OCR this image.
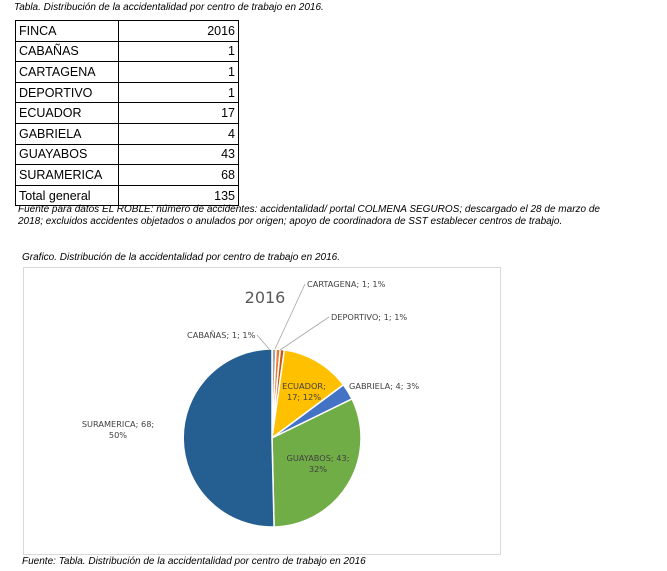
Tabla. Distribución de la accidentalidad por centro de trabajo en 2016.
FINCA	2016
CABAÑAS	1
CARTAGENA	1
DEPORTIVO	1
ECUADOR	17
GABRIELA	4
GUAYABOS	43
SURAMERICA	68
Total general	135
Fuente para datos EL ROBLE: número de accidentes: accidentalidad/ portal COLMENA SEGUROS; descargado el 28 de marzo de 2018; excluidos accidentes objetados o anulados por origen; apoyo de coordinadora de SST establecer centros de trabajo.
Grafico. Distribución de la accidentalidad por centro de trabajo en 2016.
2016
CABAÑAS; 1; 1%
CARTAGENA; 1; 1%
DEPORTIVO; 1; 1%
ECUADOR; 17; 12%
GABRIELA; 4; 3%
GUAYABOS; 43; 32%
SURAMERICA; 68; 50%
Fuente: Tabla. Distribución de la accidentalidad por centro de trabajo en 2016
